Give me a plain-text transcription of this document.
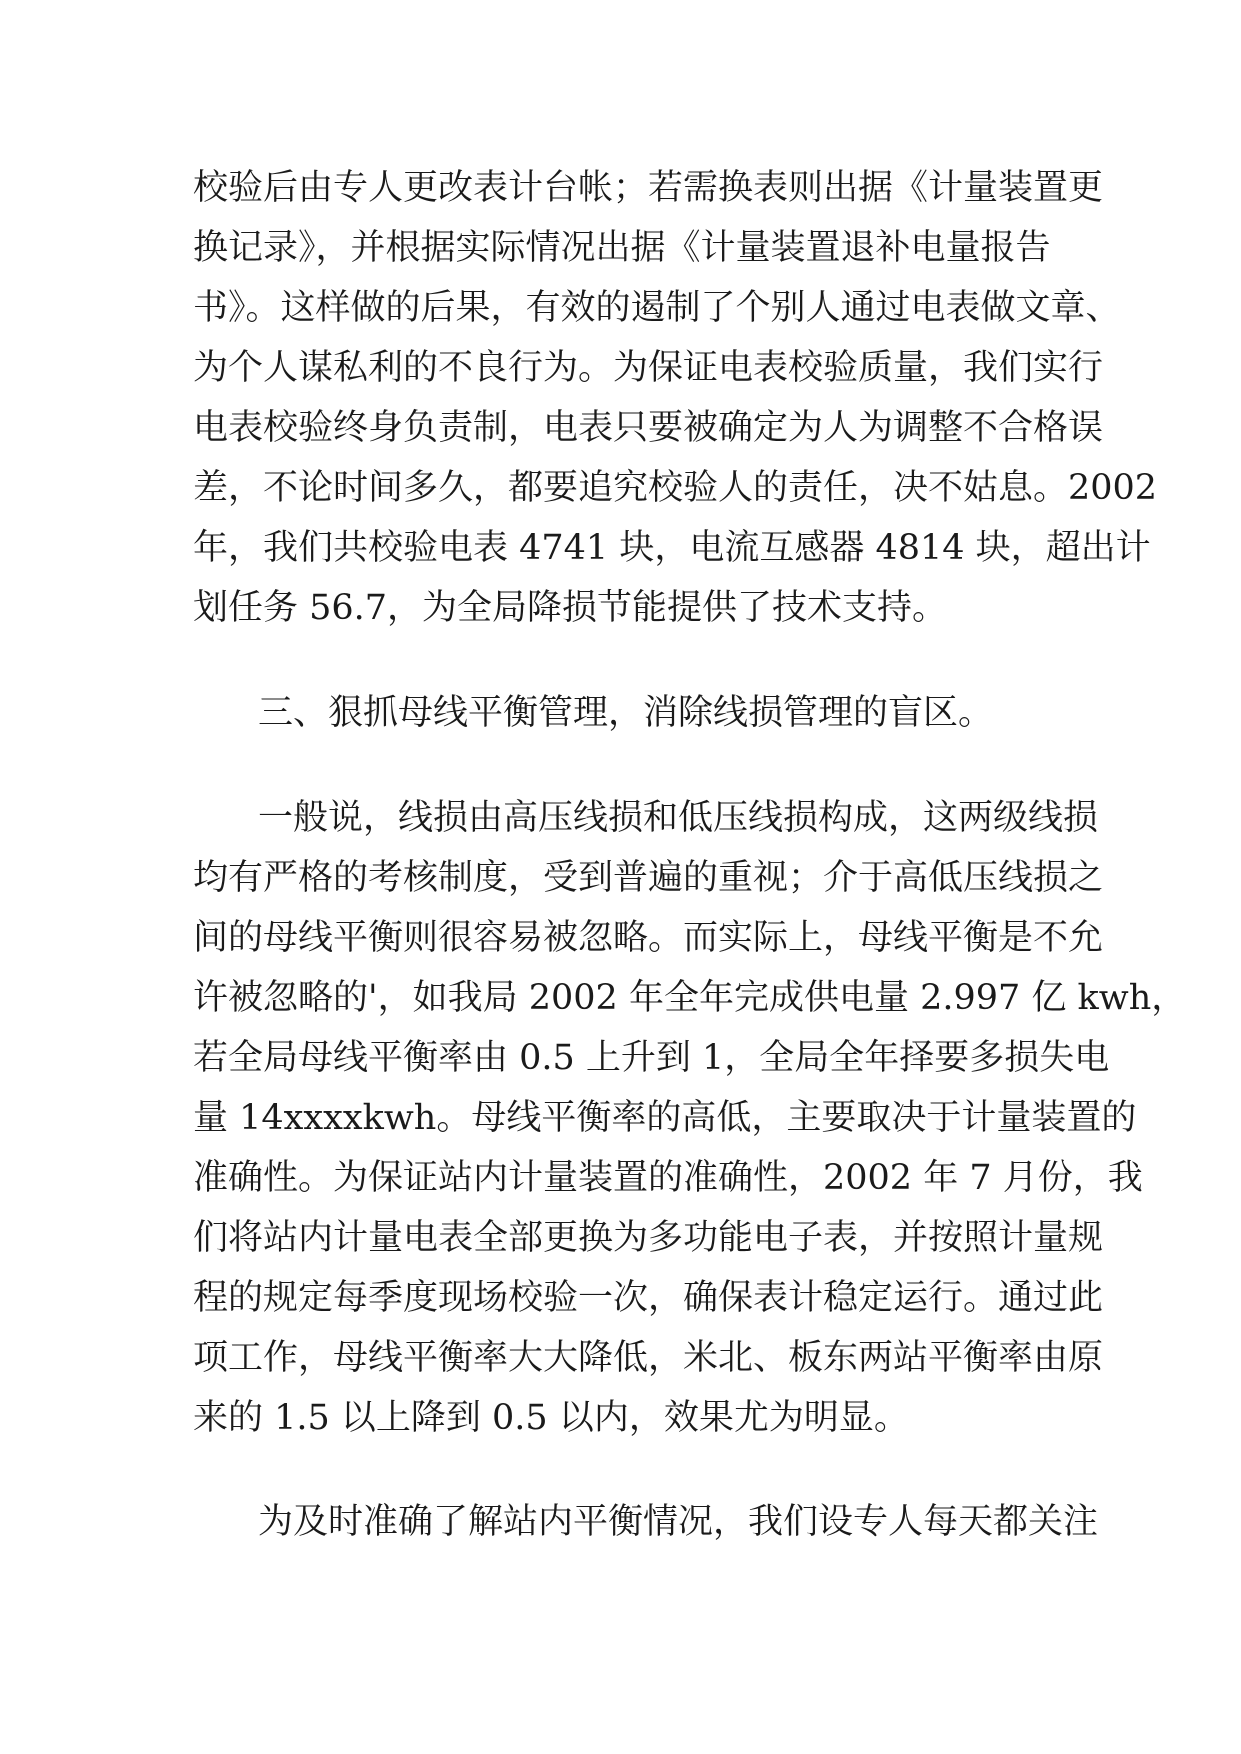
校验后由专人更改表计台帐；若需换表则出据《计量装置更
换记录》，并根据实际情况出据《计量装置退补电量报告
书》。这样做的后果，有效的遏制了个别人通过电表做文章、
为个人谋私利的不良行为。为保证电表校验质量，我们实行
电表校验终身负责制，电表只要被确定为人为调整不合格误
差，不论时间多久，都要追究校验人的责任，决不姑息。2002
年，我们共校验电表 4741 块，电流互感器 4814 块，超出计
划任务 56.7，为全局降损节能提供了技术支持。
三、狠抓母线平衡管理，消除线损管理的盲区。
一般说，线损由高压线损和低压线损构成，这两级线损
均有严格的考核制度，受到普遍的重视；介于高低压线损之
间的母线平衡则很容易被忽略。而实际上，母线平衡是不允
许被忽略的'，如我局 2002 年全年完成供电量 2.997 亿 kwh，
若全局母线平衡率由 0.5 上升到 1，全局全年择要多损失电
量 14xxxxkwh。母线平衡率的高低，主要取决于计量装置的
准确性。为保证站内计量装置的准确性，2002 年 7 月份，我
们将站内计量电表全部更换为多功能电子表，并按照计量规
程的规定每季度现场校验一次，确保表计稳定运行。通过此
项工作，母线平衡率大大降低，米北、板东两站平衡率由原
来的 1.5 以上降到 0.5 以内，效果尤为明显。
为及时准确了解站内平衡情况，我们设专人每天都关注
